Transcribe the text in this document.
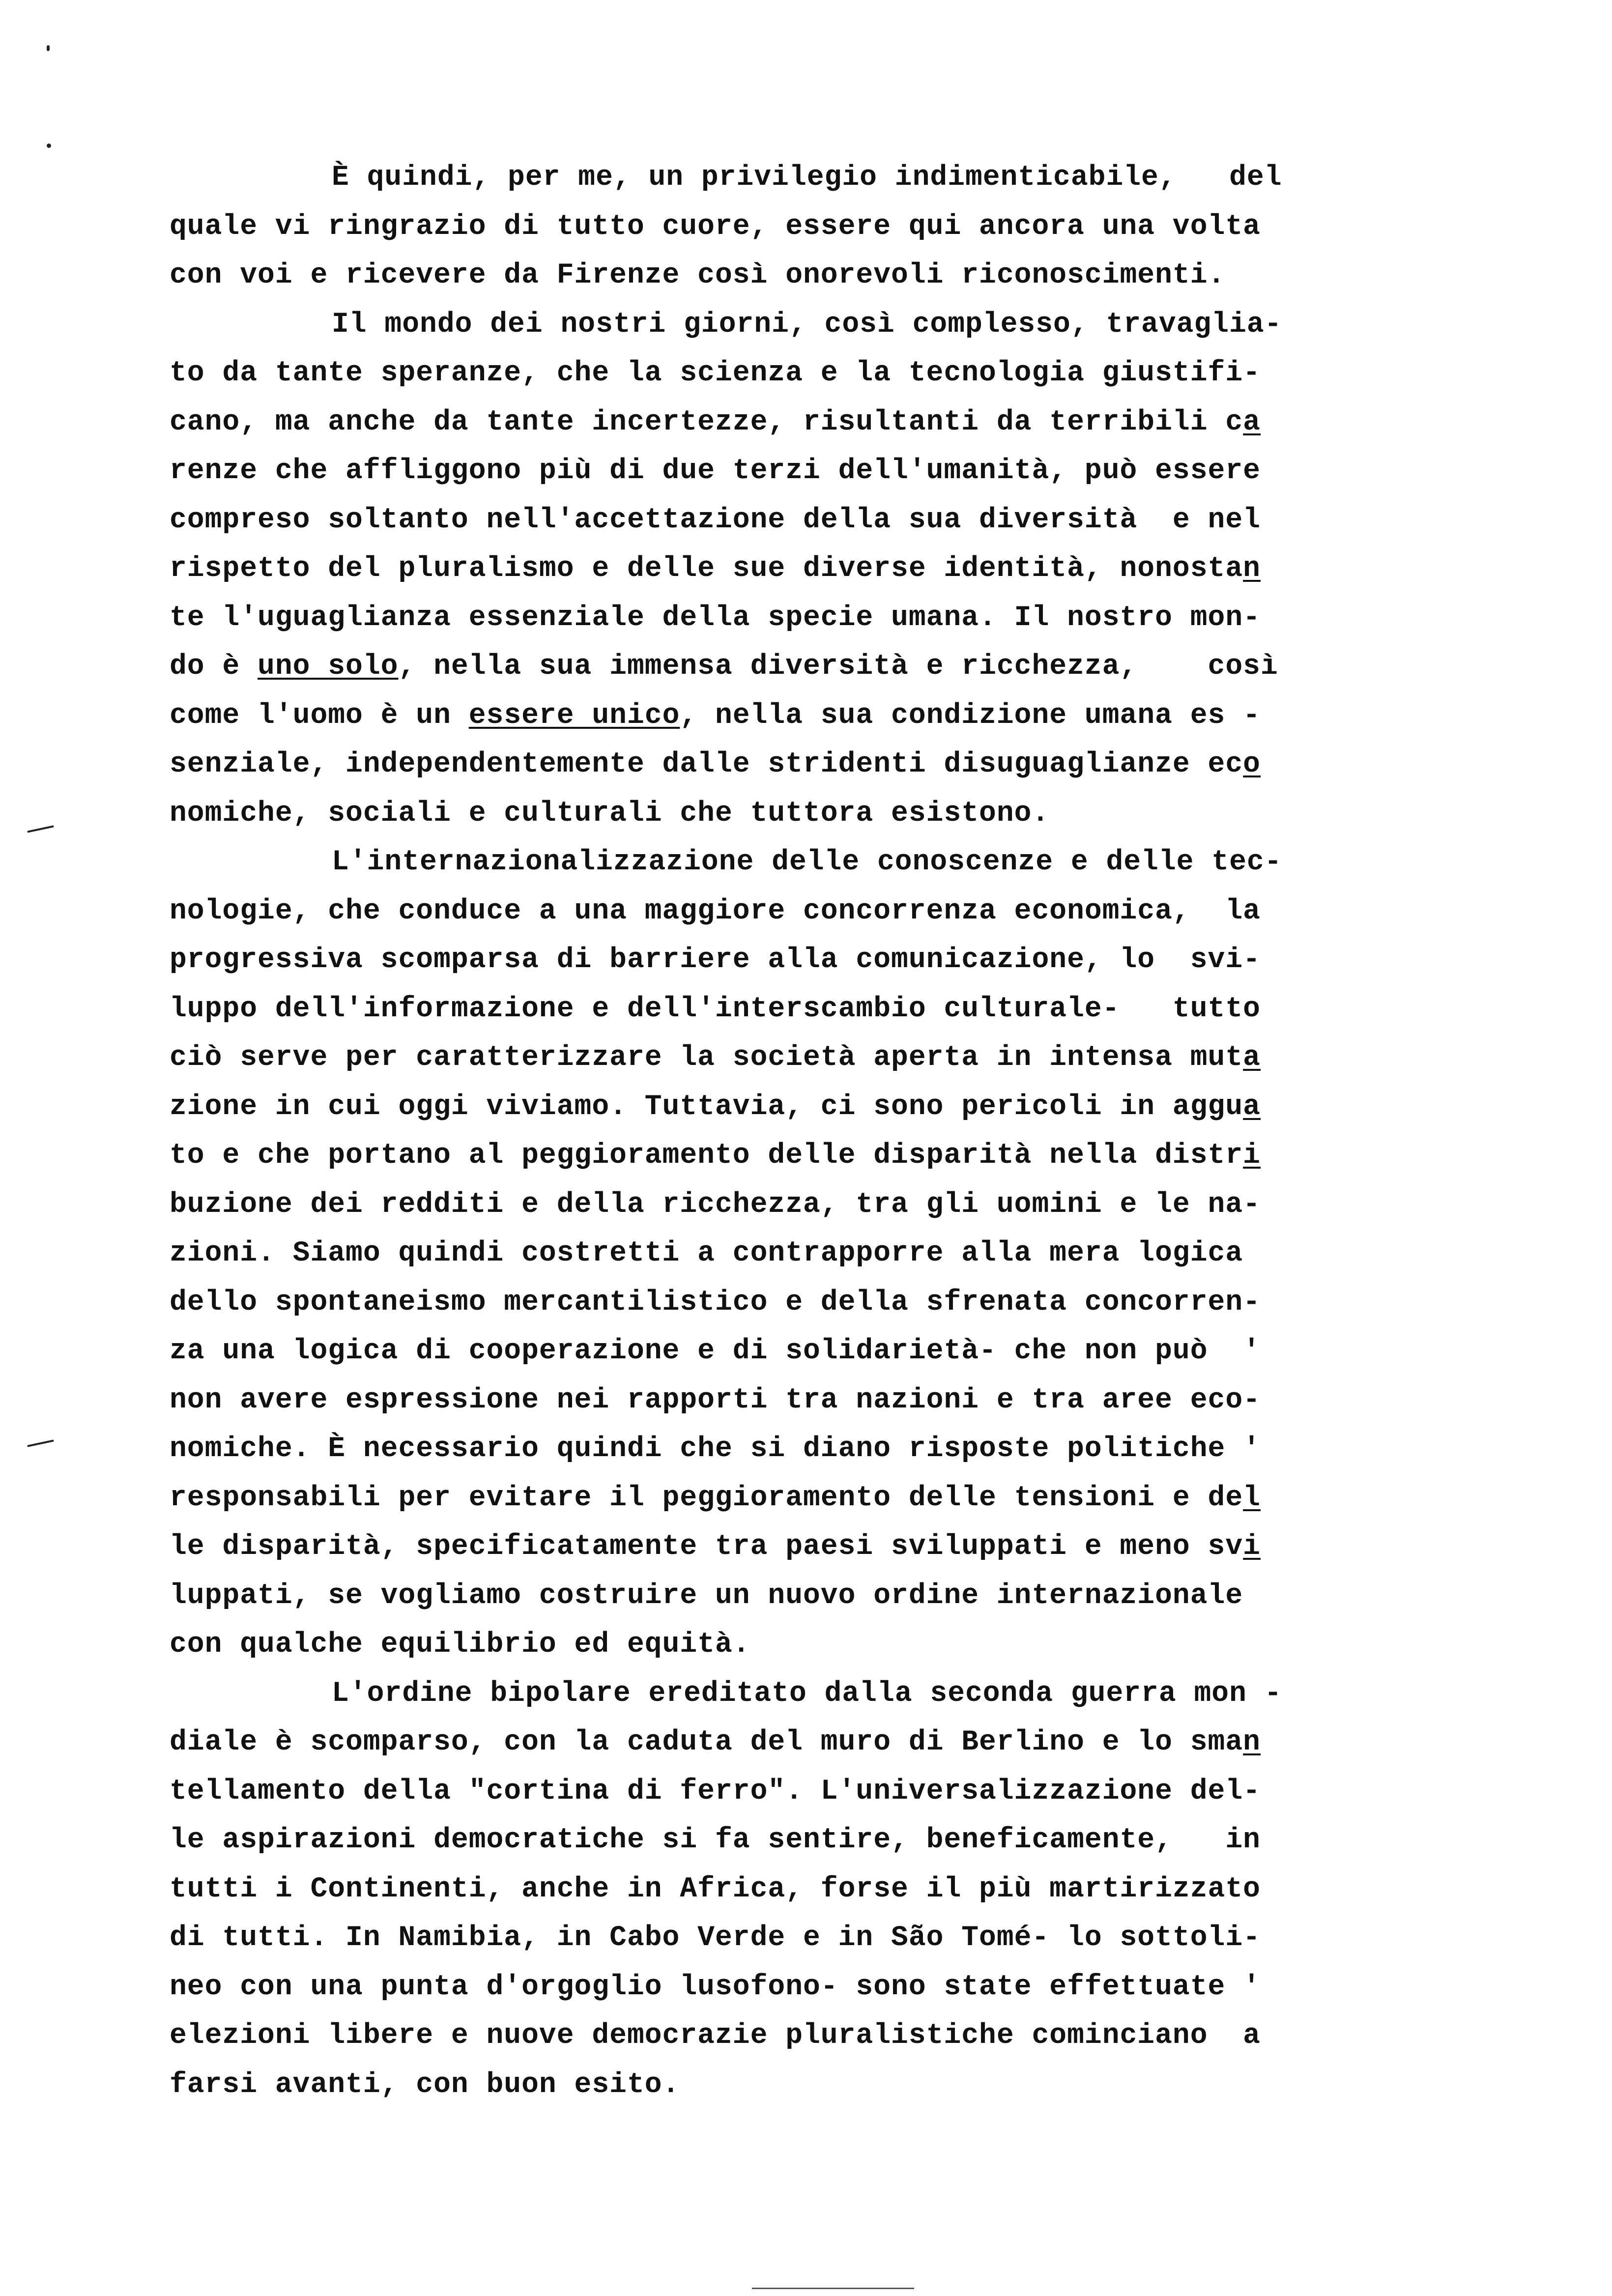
È quindi, per me, un privilegio indimenticabile,   del
quale vi ringrazio di tutto cuore, essere qui ancora una volta
con voi e ricevere da Firenze così onorevoli riconoscimenti.
Il mondo dei nostri giorni, così complesso, travaglia-
to da tante speranze, che la scienza e la tecnologia giustifi-
cano, ma anche da tante incertezze, risultanti da terribili ca
renze che affliggono più di due terzi dell'umanità, può essere
compreso soltanto nell'accettazione della sua diversità  e nel
rispetto del pluralismo e delle sue diverse identità, nonostan
te l'uguaglianza essenziale della specie umana. Il nostro mon-
do è uno solo, nella sua immensa diversità e ricchezza,    così
come l'uomo è un essere unico, nella sua condizione umana es -
senziale, independentemente dalle stridenti disuguaglianze eco
nomiche, sociali e culturali che tuttora esistono.
L'internazionalizzazione delle conoscenze e delle tec-
nologie, che conduce a una maggiore concorrenza economica,  la
progressiva scomparsa di barriere alla comunicazione, lo  svi-
luppo dell'informazione e dell'interscambio culturale-   tutto
ciò serve per caratterizzare la società aperta in intensa muta
zione in cui oggi viviamo. Tuttavia, ci sono pericoli in aggua
to e che portano al peggioramento delle disparità nella distri
buzione dei redditi e della ricchezza, tra gli uomini e le na-
zioni. Siamo quindi costretti a contrapporre alla mera logica
dello spontaneismo mercantilistico e della sfrenata concorren-
za una logica di cooperazione e di solidarietà- che non può  '
non avere espressione nei rapporti tra nazioni e tra aree eco-
nomiche. È necessario quindi che si diano risposte politiche '
responsabili per evitare il peggioramento delle tensioni e del
le disparità, specificatamente tra paesi sviluppati e meno svi
luppati, se vogliamo costruire un nuovo ordine internazionale
con qualche equilibrio ed equità.
L'ordine bipolare ereditato dalla seconda guerra mon -
diale è scomparso, con la caduta del muro di Berlino e lo sman
tellamento della "cortina di ferro". L'universalizzazione del-
le aspirazioni democratiche si fa sentire, beneficamente,   in
tutti i Continenti, anche in Africa, forse il più martirizzato
di tutti. In Namibia, in Cabo Verde e in São Tomé- lo sottoli-
neo con una punta d'orgoglio lusofono- sono state effettuate '
elezioni libere e nuove democrazie pluralistiche cominciano  a
farsi avanti, con buon esito.
